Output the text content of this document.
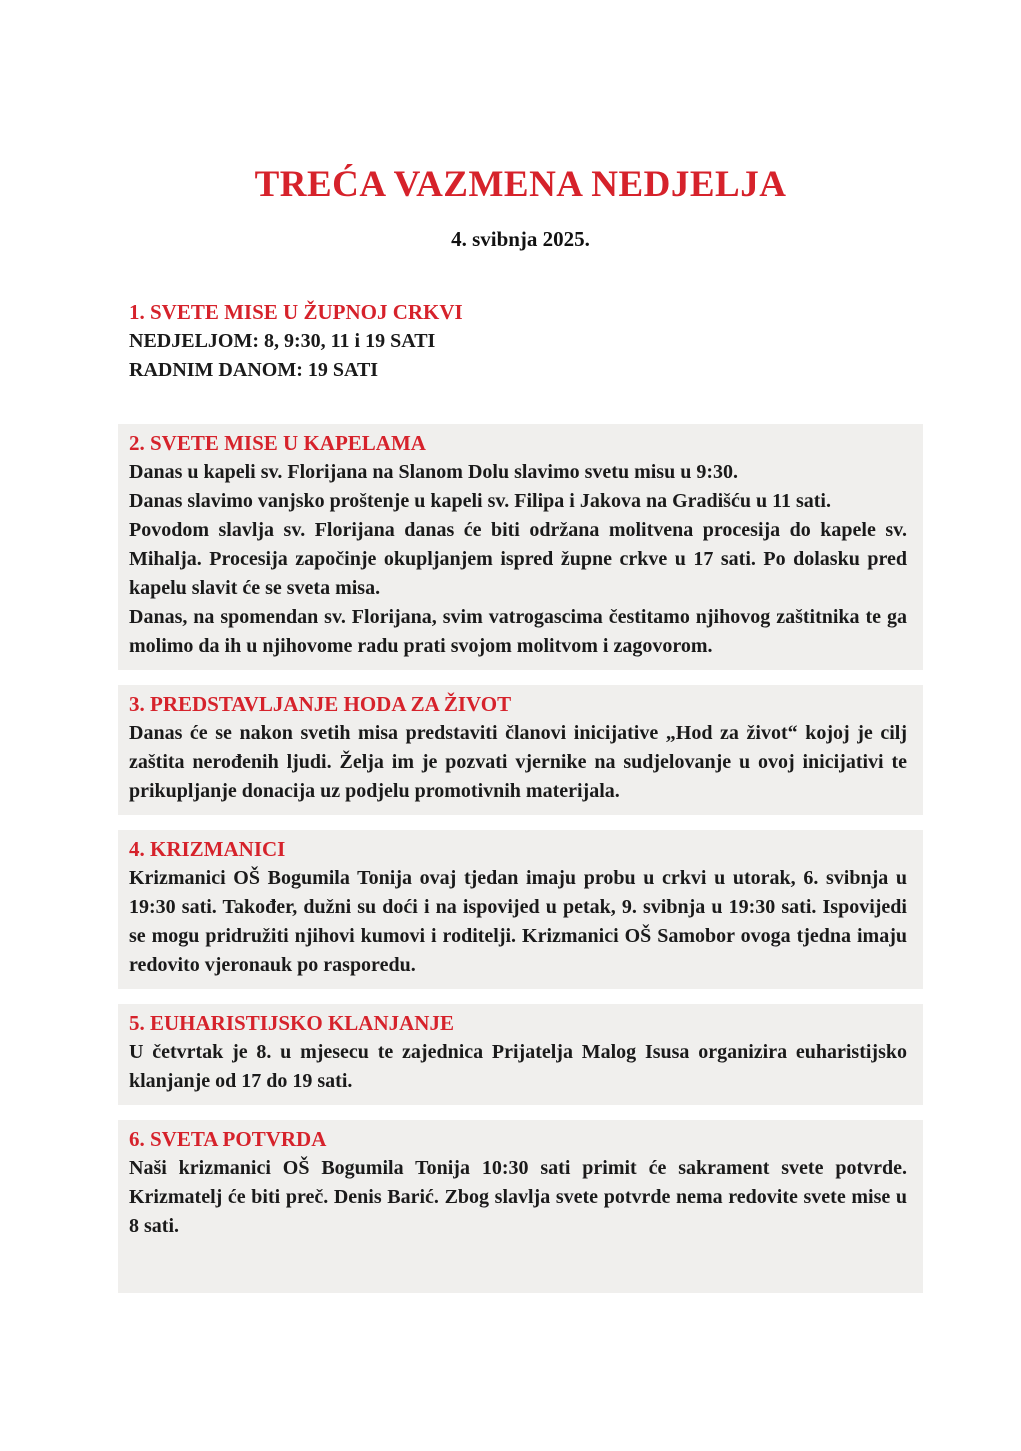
TREĆA VAZMENA NEDJELJA
4. svibnja 2025.
1. SVETE MISE U ŽUPNOJ CRKVI
NEDJELJOM: 8, 9:30, 11 i 19 SATI
RADNIM DANOM: 19 SATI
2. SVETE MISE U KAPELAMA

Danas u kapeli sv. Florijana na Slanom Dolu slavimo svetu misu u 9:30.

Danas slavimo vanjsko proštenje u kapeli sv. Filipa i Jakova na Gradišću u 11 sati.

Povodom slavlja sv. Florijana danas će biti održana molitvena procesija do kapele sv. Mihalja. Procesija započinje okupljanjem ispred župne crkve u 17 sati. Po dolasku pred kapelu slavit će se sveta misa.

Danas, na spomendan sv. Florijana, svim vatrogascima čestitamo njihovog zaštitnika te ga molimo da ih u njihovome radu prati svojom molitvom i zagovorom.

3. PREDSTAVLJANJE HODA ZA ŽIVOT

Danas će se nakon svetih misa predstaviti članovi inicijative „Hod za život“ kojoj je cilj zaštita nerođenih ljudi. Želja im je pozvati vjernike na sudjelovanje u ovoj inicijativi te prikupljanje donacija uz podjelu promotivnih materijala.

4. KRIZMANICI

Krizmanici OŠ Bogumila Tonija ovaj tjedan imaju probu u crkvi u utorak, 6. svibnja u 19:30 sati. Također, dužni su doći i na ispovijed u petak, 9. svibnja u 19:30 sati. Ispovijedi se mogu pridružiti njihovi kumovi i roditelji. Krizmanici OŠ Samobor ovoga tjedna imaju redovito vjeronauk po rasporedu.

5. EUHARISTIJSKO KLANJANJE

U četvrtak je 8. u mjesecu te zajednica Prijatelja Malog Isusa organizira euharistijsko klanjanje od 17 do 19 sati.

6. SVETA POTVRDA

Naši krizmanici OŠ Bogumila Tonija 10:30 sati primit će sakrament svete potvrde. Krizmatelj će biti preč. Denis Barić. Zbog slavlja svete potvrde nema redovite svete mise u 8 sati.
